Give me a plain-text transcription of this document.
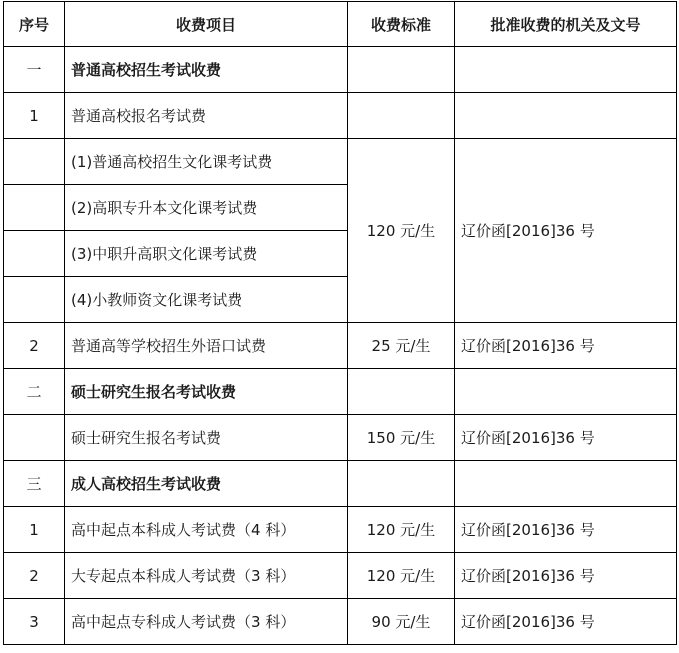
序号	收费项目	收费标准	批准收费的机关及文号
一	普通高校招生考试收费		
1	普通高校报名考试费		
	(1)普通高校招生文化课考试费	120 元/生	辽价函[2016]36 号
	(2)高职专升本文化课考试费		
	(3)中职升高职文化课考试费		
	(4)小教师资文化课考试费		
2	普通高等学校招生外语口试费	25 元/生	辽价函[2016]36 号
二	硕士研究生报名考试收费		
	硕士研究生报名考试费	150 元/生	辽价函[2016]36 号
三	成人高校招生考试收费		
1	高中起点本科成人考试费（4 科）	120 元/生	辽价函[2016]36 号
2	大专起点本科成人考试费（3 科）	120 元/生	辽价函[2016]36 号
3	高中起点专科成人考试费（3 科）	90 元/生	辽价函[2016]36 号
